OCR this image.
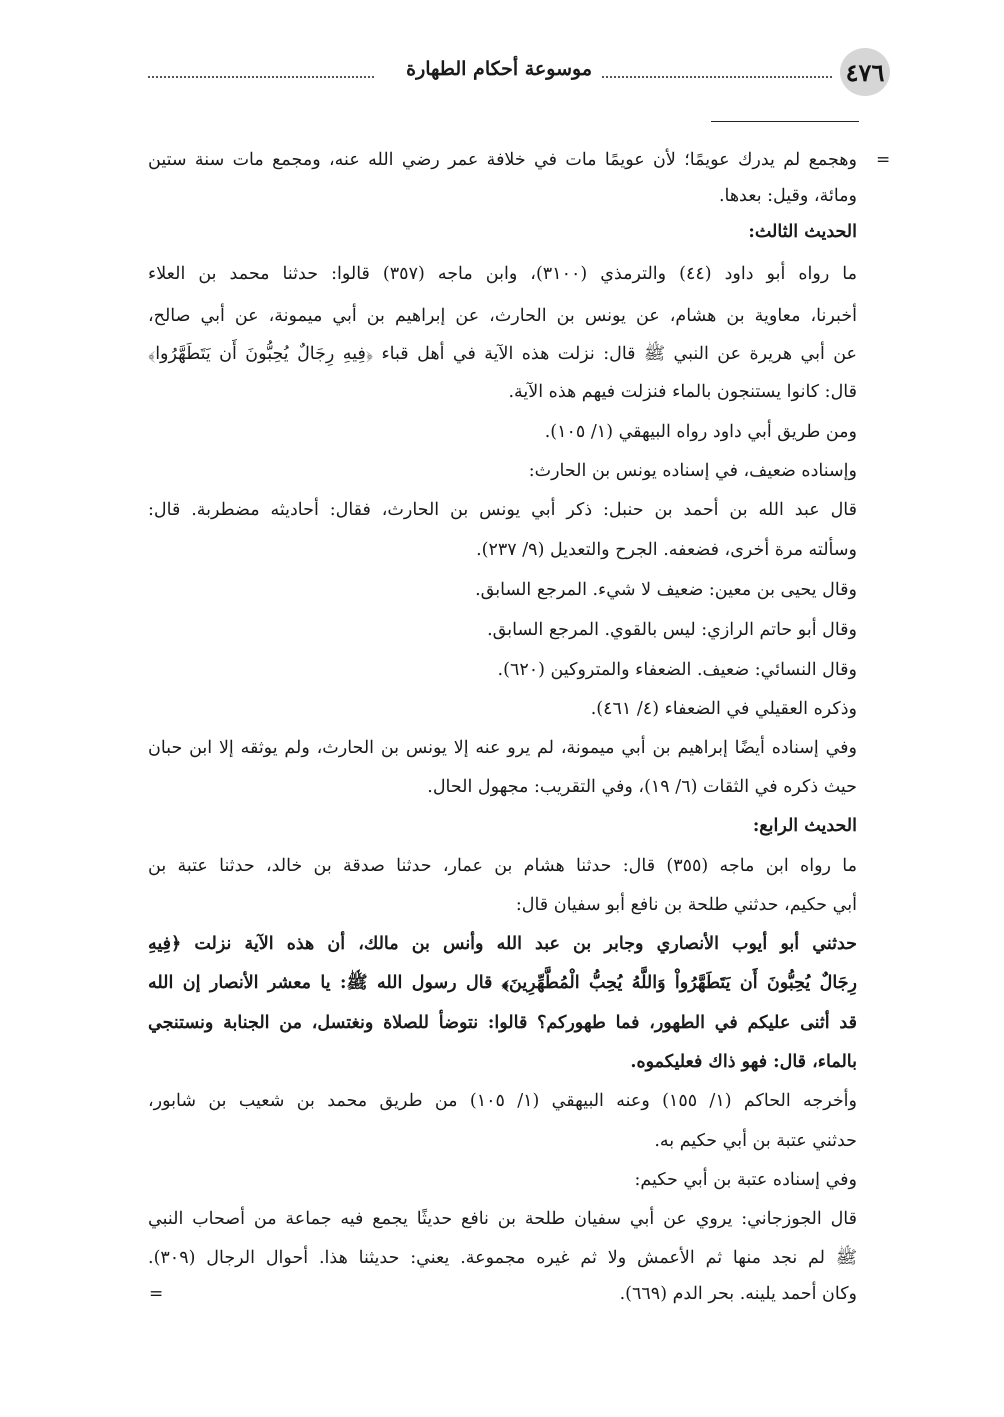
٤٧٦
موسوعة أحكام الطهارة
=
وهجمع لم يدرك عويمًا؛ لأن عويمًا مات في خلافة عمر رضي الله عنه، ومجمع مات سنة ستين
ومائة، وقيل: بعدها.
الحديث الثالث:
ما رواه أبو داود (٤٤) والترمذي (٣١٠٠)، وابن ماجه (٣٥٧) قالوا: حدثنا محمد بن العلاء
أخبرنا، معاوية بن هشام، عن يونس بن الحارث، عن إبراهيم بن أبي ميمونة، عن أبي صالح،
عن أبي هريرة عن النبي ﷺ قال: نزلت هذه الآية في أهل قباء ﴿فِيهِ رِجَالٌ يُحِبُّونَ أَن يَتَطَهَّرُوا﴾
قال: كانوا يستنجون بالماء فنزلت فيهم هذه الآية.
ومن طريق أبي داود رواه البيهقي (١/ ١٠٥).
وإسناده ضعيف، في إسناده يونس بن الحارث:
قال عبد الله بن أحمد بن حنبل: ذكر أبي يونس بن الحارث، فقال: أحاديثه مضطربة. قال:
وسألته مرة أخرى، فضعفه. الجرح والتعديل (٩/ ٢٣٧).
وقال يحيى بن معين: ضعيف لا شيء. المرجع السابق.
وقال أبو حاتم الرازي: ليس بالقوي. المرجع السابق.
وقال النسائي: ضعيف. الضعفاء والمتروكين (٦٢٠).
وذكره العقيلي في الضعفاء (٤/ ٤٦١).
وفي إسناده أيضًا إبراهيم بن أبي ميمونة، لم يرو عنه إلا يونس بن الحارث، ولم يوثقه إلا ابن حبان
حيث ذكره في الثقات (٦/ ١٩)، وفي التقريب: مجهول الحال.
الحديث الرابع:
ما رواه ابن ماجه (٣٥٥) قال: حدثنا هشام بن عمار، حدثنا صدقة بن خالد، حدثنا عتبة بن
أبي حكيم، حدثني طلحة بن نافع أبو سفيان قال:
حدثني أبو أيوب الأنصاري وجابر بن عبد الله وأنس بن مالك، أن هذه الآية نزلت ﴿فِيهِ
رِجَالٌ يُحِبُّونَ أَن يَتَطَهَّرُواْ وَاللَّهُ يُحِبُّ الْمُطَّهِّرِينَ﴾ قال رسول الله ﷺ: يا معشر الأنصار إن الله
قد أثنى عليكم في الطهور، فما طهوركم؟ قالوا: نتوضأ للصلاة ونغتسل، من الجنابة ونستنجي
بالماء، قال: فهو ذاك فعليكموه.
وأخرجه الحاكم (١/ ١٥٥) وعنه البيهقي (١/ ١٠٥) من طريق محمد بن شعيب بن شابور،
حدثني عتبة بن أبي حكيم به.
وفي إسناده عتبة بن أبي حكيم:
قال الجوزجاني: يروي عن أبي سفيان طلحة بن نافع حديثًا يجمع فيه جماعة من أصحاب النبي
ﷺ لم نجد منها ثم الأعمش ولا ثم غيره مجموعة. يعني: حديثنا هذا. أحوال الرجال (٣٠٩).
وكان أحمد يلينه. بحر الدم (٦٦٩).
=
